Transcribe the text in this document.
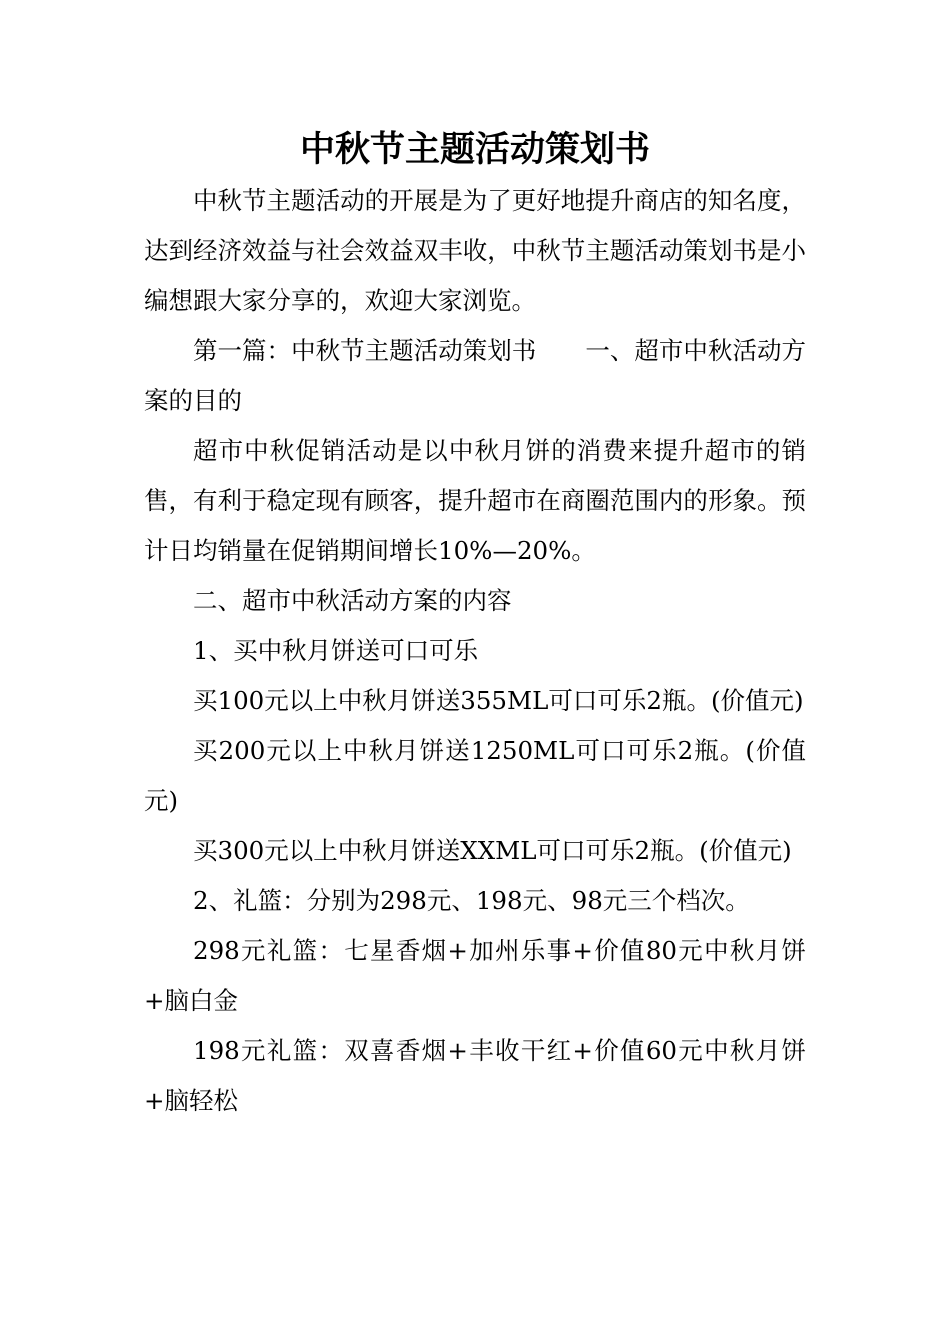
中秋节主题活动策划书

中秋节主题活动的开展是为了更好地提升商店的知名度，达到经济效益与社会效益双丰收，中秋节主题活动策划书是小编想跟大家分享的，欢迎大家浏览。

第一篇：中秋节主题活动策划书　　一、超市中秋活动方案的目的

超市中秋促销活动是以中秋月饼的消费来提升超市的销售，有利于稳定现有顾客，提升超市在商圈范围内的形象。预计日均销量在促销期间增长10%—20%。

二、超市中秋活动方案的内容

1、买中秋月饼送可口可乐

买100元以上中秋月饼送355ML可口可乐2瓶。(价值元)

买200元以上中秋月饼送1250ML可口可乐2瓶。(价值元)

买300元以上中秋月饼送XXML可口可乐2瓶。(价值元)

2、礼篮：分别为298元、198元、98元三个档次。

298元礼篮：七星香烟+加州乐事+价值80元中秋月饼+脑白金

198元礼篮：双喜香烟+丰收干红+价值60元中秋月饼+脑轻松
